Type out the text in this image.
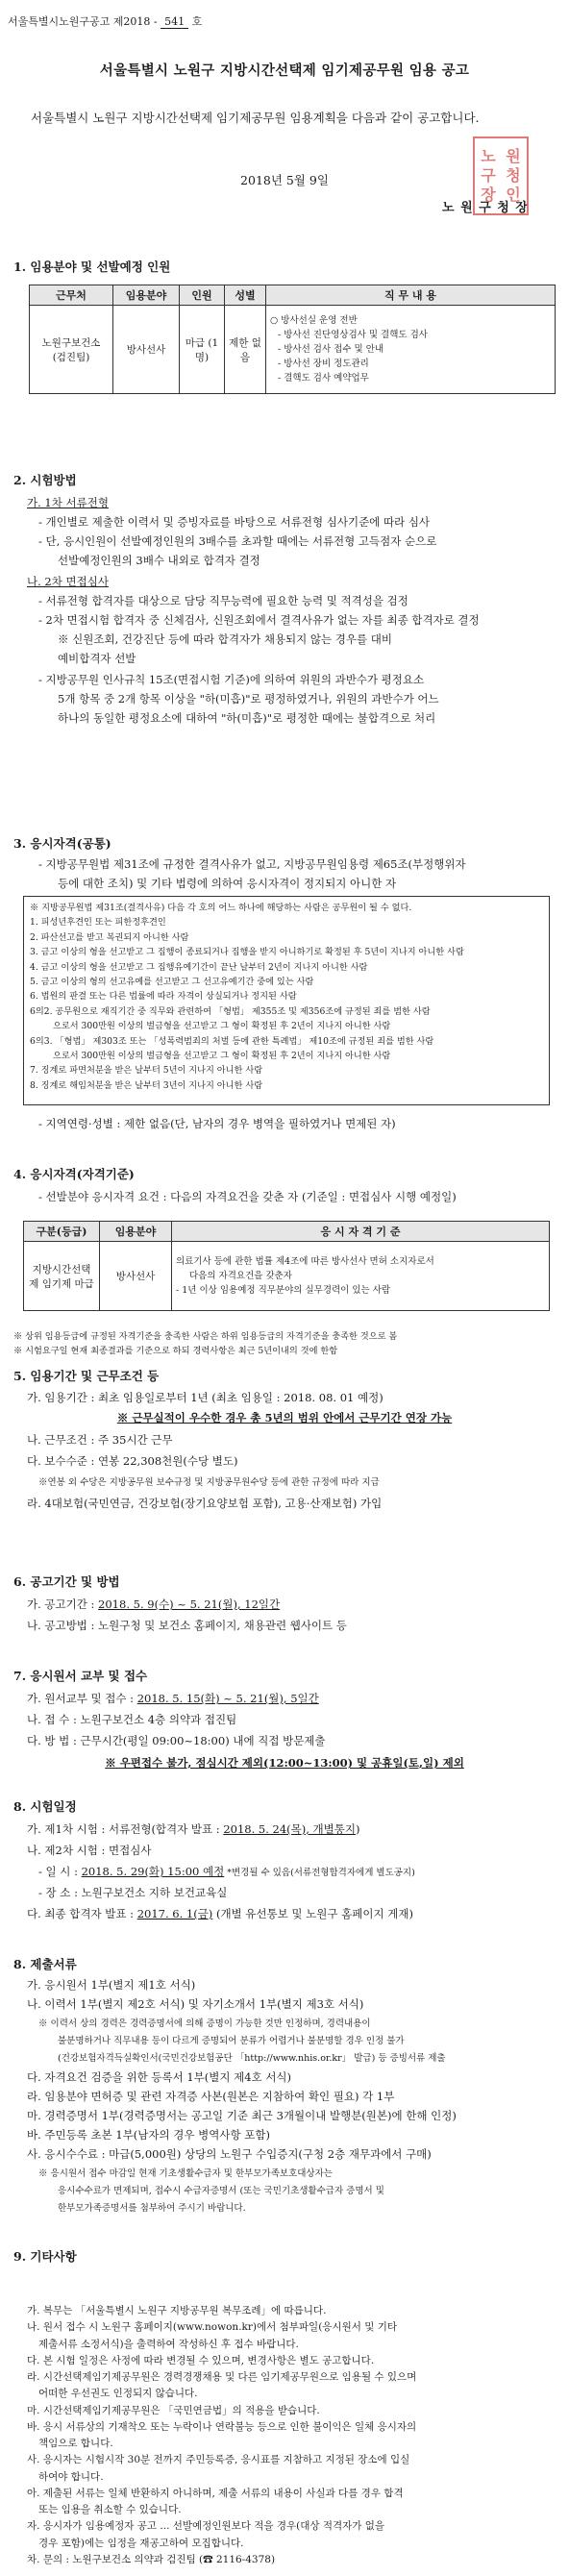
서울특별시노원구공고 제2018 - 541 호
서울특별시 노원구 지방시간선택제 임기제공무원 임용 공고
서울특별시 노원구 지방시간선택제 임기제공무원 임용계획을 다음과 같이 공고합니다.
2018년 5월 9일
노 원 구 청 장
노 원
구 청
장 인
1. 임용분야 및 선발예정 인원
근무처	임용분야	인원	성별	직 무 내 용
노원구보건소 (검진팀)	방사선사	마급 (1명)	제한 없음	○ 방사선실 운영 전반
- 방사선 진단영상검사 및 결핵도 검사
- 방사선 검사 접수 및 안내
- 방사선 장비 정도관리
- 결핵도 검사 예약업무
2. 시험방법
가. 1차 서류전형
- 개인별로 제출한 이력서 및 증빙자료를 바탕으로 서류전형 심사기준에 따라 심사
- 단, 응시인원이 선발예정인원의 3배수를 초과할 때에는 서류전형 고득점자 순으로
선발예정인원의 3배수 내외로 합격자 결정
나. 2차 면접심사
- 서류전형 합격자를 대상으로 담당 직무능력에 필요한 능력 및 적격성을 검정
- 2차 면접시험 합격자 중 신체검사, 신원조회에서 결격사유가 없는 자를 최종 합격자로 결정
※ 신원조회, 건강진단 등에 따라 합격자가 채용되지 않는 경우를 대비
예비합격자 선발
- 지방공무원 인사규칙 15조(면접시험 기준)에 의하여 위원의 과반수가 평정요소
5개 항목 중 2개 항목 이상을 "하(미흡)"로 평정하였거나, 위원의 과반수가 어느
하나의 동일한 평정요소에 대하여 "하(미흡)"로 평정한 때에는 불합격으로 처리
3. 응시자격(공통)
- 지방공무원법 제31조에 규정한 결격사유가 없고, 지방공무원임용령 제65조(부정행위자
등에 대한 조치) 및 기타 법령에 의하여 응시자격이 정지되지 아니한 자
※ 지방공무원법 제31조(결격사유) 다음 각 호의 어느 하나에 해당하는 사람은 공무원이 될 수 없다.
1. 피성년후견인 또는 피한정후견인
2. 파산선고를 받고 복권되지 아니한 사람
3. 금고 이상의 형을 선고받고 그 집행이 종료되거나 집행을 받지 아니하기로 확정된 후 5년이 지나지 아니한 사람
4. 금고 이상의 형을 선고받고 그 집행유예기간이 끝난 날부터 2년이 지나지 아니한 사람
5. 금고 이상의 형의 선고유예를 선고받고 그 선고유예기간 중에 있는 사람
6. 법원의 판결 또는 다른 법률에 따라 자격이 상실되거나 정지된 사람
6의2. 공무원으로 재직기간 중 직무와 관련하여 「형법」 제355조 및 제356조에 규정된 죄를 범한 사람
으로서 300만원 이상의 벌금형을 선고받고 그 형이 확정된 후 2년이 지나지 아니한 사람
6의3. 「형법」 제303조 또는 「성폭력범죄의 처벌 등에 관한 특례법」 제10조에 규정된 죄를 범한 사람
으로서 300만원 이상의 벌금형을 선고받고 그 형이 확정된 후 2년이 지나지 아니한 사람
7. 징계로 파면처분을 받은 날부터 5년이 지나지 아니한 사람
8. 징계로 해임처분을 받은 날부터 3년이 지나지 아니한 사람
- 지역연령·성별 : 제한 없음(단, 남자의 경우 병역을 필하였거나 면제된 자)
4. 응시자격(자격기준)
- 선발분야 응시자격 요건 : 다음의 자격요건을 갖춘 자 (기준일 : 면접심사 시행 예정일)
구분(등급)	임용분야	응 시 자 격 기 준
지방시간선택제 임기제 마급	방사선사	의료기사 등에 관한 법률 제4조에 따른 방사선사 면허 소지자로서
다음의 자격요건을 갖춘자
- 1년 이상 임용예정 직무분야의 실무경력이 있는 사람
※ 상위 임용등급에 규정된 자격기준을 충족한 사람은 하위 임용등급의 자격기준을 충족한 것으로 봄
※ 시험요구일 현재 최종결과를 기준으로 하되 경력사항은 최근 5년이내의 것에 한함
5. 임용기간 및 근무조건 등
가. 임용기간 : 최초 임용일로부터 1년 (최초 임용일 : 2018. 08. 01 예정)
※ 근무실적이 우수한 경우 총 5년의 범위 안에서 근무기간 연장 가능
나. 근무조건 : 주 35시간 근무
다. 보수수준 : 연봉 22,308천원(수당 별도)
※연봉 외 수당은 지방공무원 보수규정 및 지방공무원수당 등에 관한 규정에 따라 지급
라. 4대보험(국민연금, 건강보험(장기요양보험 포함), 고용·산재보험) 가입
6. 공고기간 및 방법
가. 공고기간 : 2018. 5. 9(수) ~ 5. 21(월), 12일간
나. 공고방법 : 노원구청 및 보건소 홈페이지, 채용관련 웹사이트 등
7. 응시원서 교부 및 접수
가. 원서교부 및 접수 : 2018. 5. 15(화) ~ 5. 21(월), 5일간
나. 접 수 : 노원구보건소 4층 의약과 접진팀
다. 방 법 : 근무시간(평일 09:00~18:00) 내에 직접 방문제출
※ 우편접수 불가, 점심시간 제외(12:00~13:00) 및 공휴일(토,일) 제외
8. 시험일정
가. 제1차 시험 : 서류전형(합격자 발표 : 2018. 5. 24(목), 개별통지)
나. 제2차 시험 : 면접심사
- 일 시 : 2018. 5. 29(화) 15:00 예정 *변경될 수 있음(서류전형합격자에게 별도공지)
- 장 소 : 노원구보건소 지하 보건교육실
다. 최종 합격자 발표 : 2017. 6. 1(금) (개별 유선통보 및 노원구 홈페이지 게재)
8. 제출서류
가. 응시원서 1부(별지 제1호 서식)
나. 이력서 1부(별지 제2호 서식) 및 자기소개서 1부(별지 제3호 서식)
※ 이력서 상의 경력은 경력증명서에 의해 증명이 가능한 것만 인정하며, 경력내용이
불분명하거나 직무내용 등이 다르게 증명되어 분류가 어렵거나 불분명할 경우 인정 불가
(건강보험자격득실확인서(국민건강보험공단 「http://www.nhis.or.kr」 발급) 등 증빙서류 제출
다. 자격요건 검증을 위한 등록서 1부(별지 제4호 서식)
라. 임용분야 면허증 및 관련 자격증 사본(원본은 지참하여 확인 필요) 각 1부
마. 경력증명서 1부(경력증명서는 공고일 기준 최근 3개월이내 발행분(원본)에 한해 인정)
바. 주민등록 초본 1부(남자의 경우 병역사항 포함)
사. 응시수수료 : 마급(5,000원) 상당의 노원구 수입증지(구청 2층 재무과에서 구매)
※ 응시원서 접수 마감일 현재 기초생활수급자 및 한부모가족보호대상자는
응시수수료가 면제되며, 접수시 수급자증명서 (또는 국민기초생활수급자 증명서 및
한부모가족증명서를 첨부하여 주시기 바랍니다.
9. 기타사항
가. 복무는 「서울특별시 노원구 지방공무원 복무조례」에 따릅니다.
나. 원서 접수 시 노원구 홈페이지(www.nowon.kr)에서 첨부파일(응시원서 및 기타
제출서류 소정서식)을 출력하여 작성하신 후 접수 바랍니다.
다. 본 시험 일정은 사정에 따라 변경될 수 있으며, 변경사항은 별도 공고합니다.
라. 시간선택제임기제공무원은 경력경쟁채용 및 다른 임기제공무원으로 임용될 수 있으며
어떠한 우선권도 인정되지 않습니다.
마. 시간선택제임기제공무원은 「국민연금법」의 적용을 받습니다.
바. 응시 서류상의 기재착오 또는 누락이나 연락불능 등으로 인한 불이익은 일체 응시자의
책임으로 합니다.
사. 응시자는 시험시작 30분 전까지 주민등록증, 응시표를 지참하고 지정된 장소에 입실
하여야 합니다.
아. 제출된 서류는 일체 반환하지 아니하며, 제출 서류의 내용이 사실과 다를 경우 합격
또는 임용을 취소할 수 있습니다.
자. 응시자가 임용예정자 공고 ... 선발예정인원보다 적을 경우(대상 적격자가 없을
경우 포함)에는 임정을 재공고하여 모집합니다.
차. 문의 : 노원구보건소 의약과 검진팀 (☎ 2116-4378)
